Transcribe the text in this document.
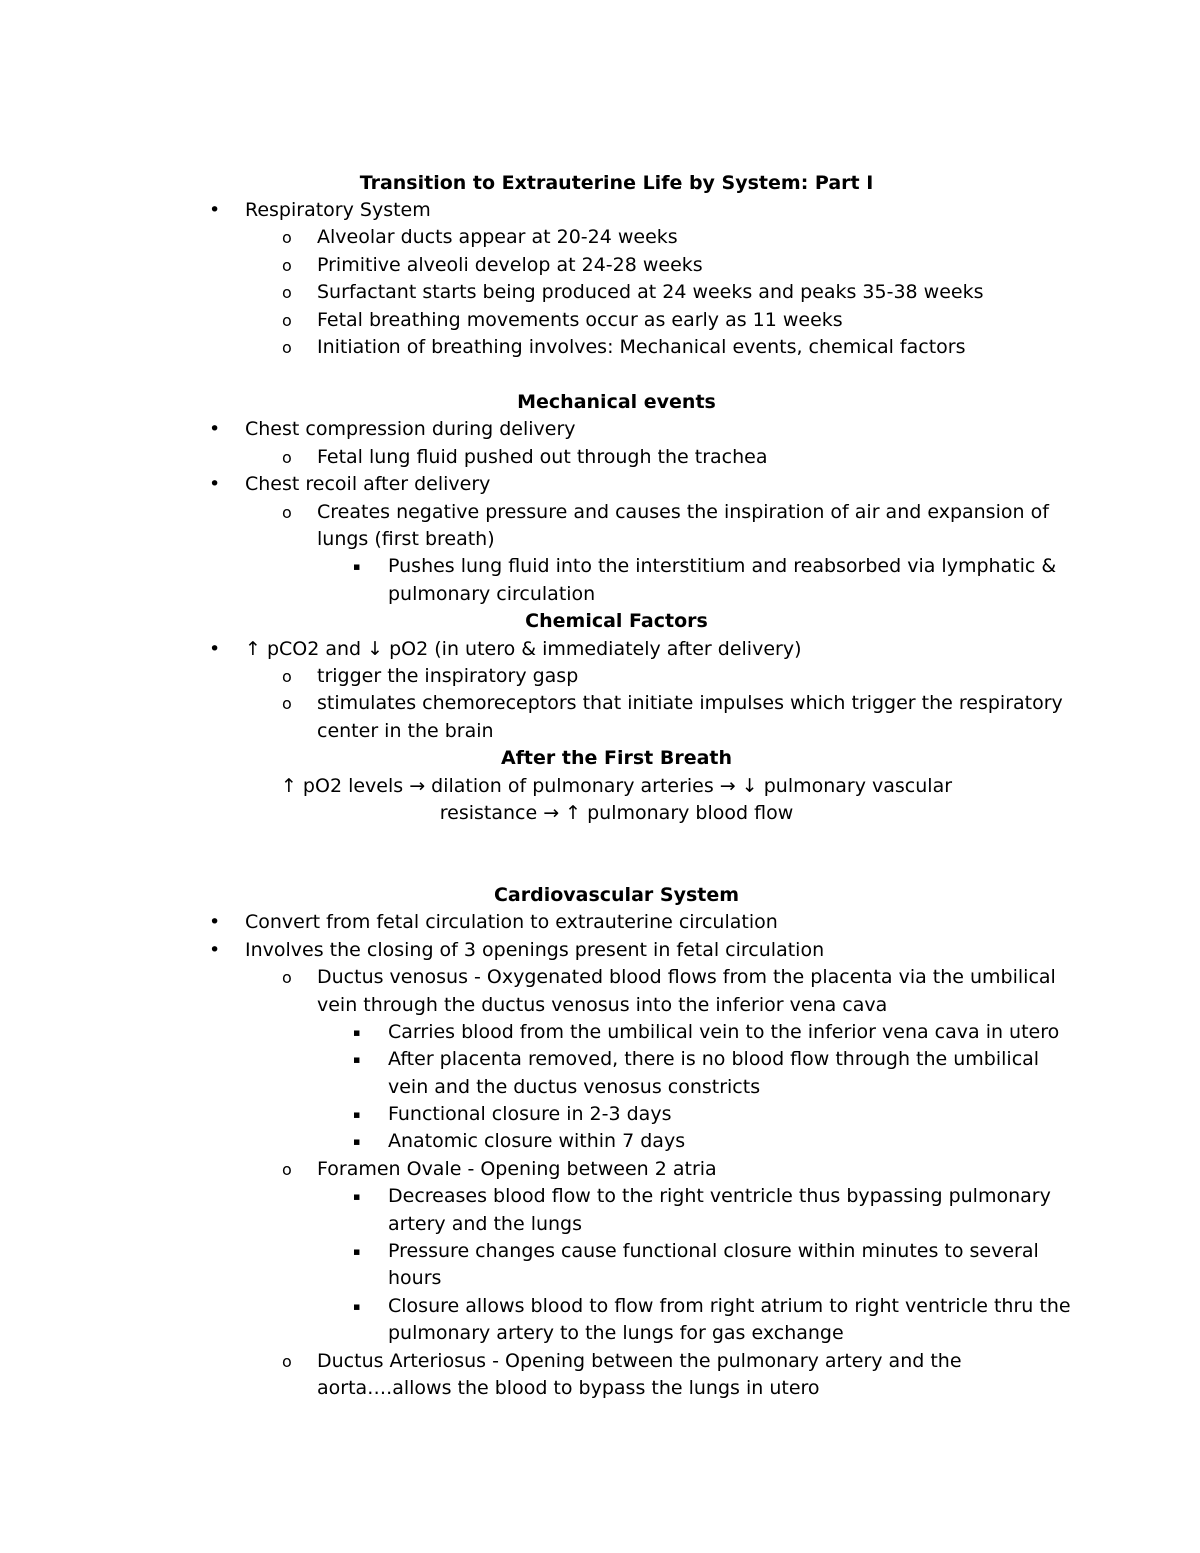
Transition to Extrauterine Life by System: Part I
• Respiratory System
o Alveolar ducts appear at 20-24 weeks
o Primitive alveoli develop at 24-28 weeks
o Surfactant starts being produced at 24 weeks and peaks 35-38 weeks
o Fetal breathing movements occur as early as 11 weeks
o Initiation of breathing involves: Mechanical events, chemical factors
Mechanical events
• Chest compression during delivery
o Fetal lung fluid pushed out through the trachea
• Chest recoil after delivery
o Creates negative pressure and causes the inspiration of air and expansion of
lungs (first breath)
▪ Pushes lung fluid into the interstitium and reabsorbed via lymphatic &
pulmonary circulation
Chemical Factors
• ↑ pCO2 and ↓ pO2 (in utero & immediately after delivery)
o trigger the inspiratory gasp
o stimulates chemoreceptors that initiate impulses which trigger the respiratory
center in the brain
After the First Breath
↑ pO2 levels → dilation of pulmonary arteries → ↓ pulmonary vascular
resistance → ↑ pulmonary blood flow
Cardiovascular System
• Convert from fetal circulation to extrauterine circulation
• Involves the closing of 3 openings present in fetal circulation
o Ductus venosus - Oxygenated blood flows from the placenta via the umbilical
vein through the ductus venosus into the inferior vena cava
▪ Carries blood from the umbilical vein to the inferior vena cava in utero
▪ After placenta removed, there is no blood flow through the umbilical
vein and the ductus venosus constricts
▪ Functional closure in 2-3 days
▪ Anatomic closure within 7 days
o Foramen Ovale - Opening between 2 atria
▪ Decreases blood flow to the right ventricle thus bypassing pulmonary
artery and the lungs
▪ Pressure changes cause functional closure within minutes to several
hours
▪ Closure allows blood to flow from right atrium to right ventricle thru the
pulmonary artery to the lungs for gas exchange
o Ductus Arteriosus - Opening between the pulmonary artery and the
aorta….allows the blood to bypass the lungs in utero
